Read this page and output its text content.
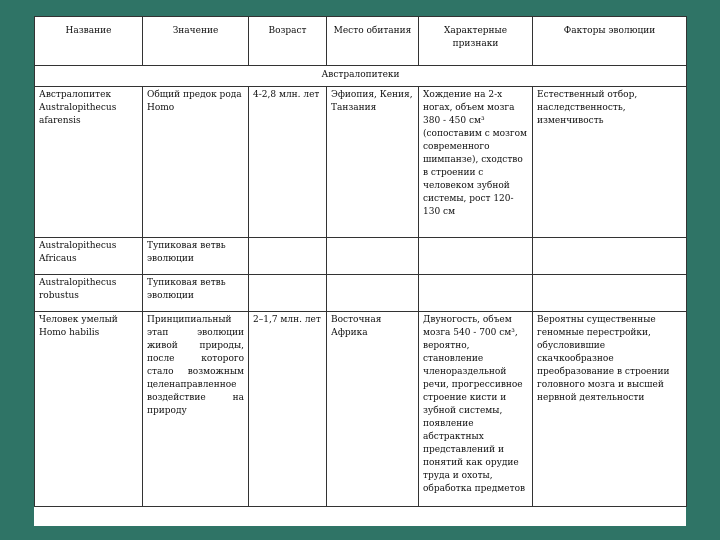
Название	Значение	Возраст	Место обитания	Характерные признаки	Факторы эволюции
Австралопитеки					
Австралопитек Australopithecus afarensis	Общий предок рода Homo	4-2,8 млн. лет	Эфиопия, Кения, Танзания	Хождение на 2-х ногах, объем мозга 380 - 450 см³ (сопоставим с мозгом современного шимпанзе), сходство в строении с человеком зубной системы, рост 120-130 см	Естественный отбор, наследственность, изменчивость
Australopithecus Africaus	Тупиковая ветвь эволюции				
Australopithecus robustus	Тупиковая ветвь эволюции				
Человек умелый Homo habilis	Принципиальный этап эволюции живой природы, после которого стало возможным целенаправленное воздействие на природу	2–1,7 млн. лет	Восточная Африка	Двуногость, объем мозга 540 - 700 см³, вероятно, становление членораздельной речи, прогрессивное строение кисти и зубной системы, появление абстрактных представлений и понятий как орудие труда и охоты, обработка предметов	Вероятны существенные геномные перестройки, обусловившие скачкообразное преобразование в строении головного мозга и высшей нервной деятельности
